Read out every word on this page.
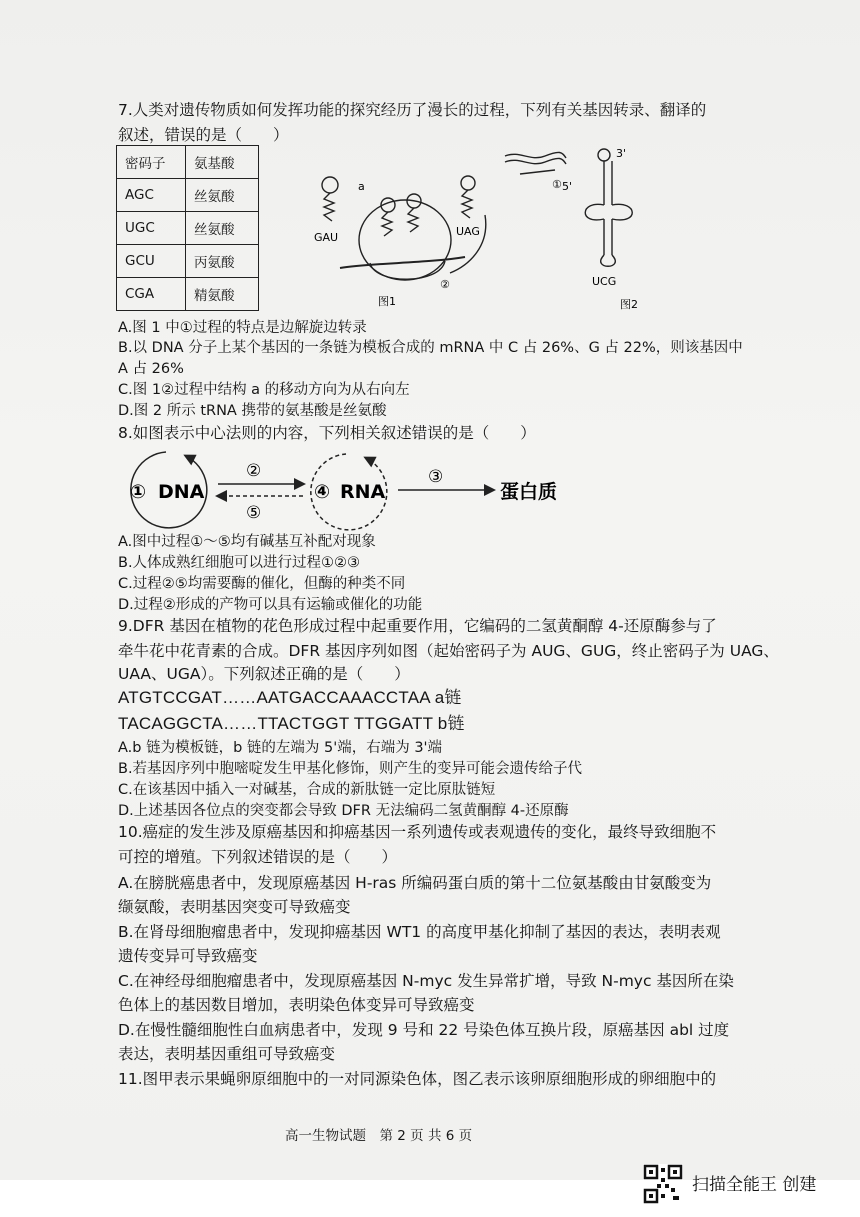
7.人类对遗传物质如何发挥功能的探究经历了漫长的过程，下列有关基因转录、翻译的

叙述，错误的是（　　）

密码子	氨基酸
AGC	丝氨酸
UGC	丝氨酸
GCU	丙氨酸
CGA	精氨酸
a
GAU	UAG
②
图1
①
3'
5'
UCG
图2

A.图 1 中①过程的特点是边解旋边转录

B.以 DNA 分子上某个基因的一条链为模板合成的 mRNA 中 C 占 26%、G 占 22%，则该基因中

A 占 26%

C.图 1②过程中结构 a 的移动方向为从右向左

D.图 2 所示 tRNA 携带的氨基酸是丝氨酸

8.如图表示中心法则的内容，下列相关叙述错误的是（　　）

① DNA
②
⑤
④ RNA
③
蛋白质

A.图中过程①～⑤均有碱基互补配对现象

B.人体成熟红细胞可以进行过程①②③

C.过程②⑤均需要酶的催化，但酶的种类不同

D.过程②形成的产物可以具有运输或催化的功能

9.DFR 基因在植物的花色形成过程中起重要作用，它编码的二氢黄酮醇 4-还原酶参与了

牵牛花中花青素的合成。DFR 基因序列如图（起始密码子为 AUG、GUG，终止密码子为 UAG、

UAA、UGA）。下列叙述正确的是（　　）

ATGTCCGAT……AATGACCAAACCTAA a链

TACAGGCTA……TTACTGGT TTGGATT b链

A.b 链为模板链，b 链的左端为 5'端，右端为 3'端

B.若基因序列中胞嘧啶发生甲基化修饰，则产生的变异可能会遗传给子代

C.在该基因中插入一对碱基，合成的新肽链一定比原肽链短

D.上述基因各位点的突变都会导致 DFR 无法编码二氢黄酮醇 4-还原酶

10.癌症的发生涉及原癌基因和抑癌基因一系列遗传或表观遗传的变化，最终导致细胞不

可控的增殖。下列叙述错误的是（　　）

A.在膀胱癌患者中，发现原癌基因 H-ras 所编码蛋白质的第十二位氨基酸由甘氨酸变为

缬氨酸，表明基因突变可导致癌变

B.在肾母细胞瘤患者中，发现抑癌基因 WT1 的高度甲基化抑制了基因的表达，表明表观

遗传变异可导致癌变

C.在神经母细胞瘤患者中，发现原癌基因 N-myc 发生异常扩增，导致 N-myc 基因所在染

色体上的基因数目增加，表明染色体变异可导致癌变

D.在慢性髓细胞性白血病患者中，发现 9 号和 22 号染色体互换片段，原癌基因 abl 过度

表达，表明基因重组可导致癌变

11.图甲表示果蝇卵原细胞中的一对同源染色体，图乙表示该卵原细胞形成的卵细胞中的

高一生物试题　第 2 页 共 6 页
扫描全能王 创建
